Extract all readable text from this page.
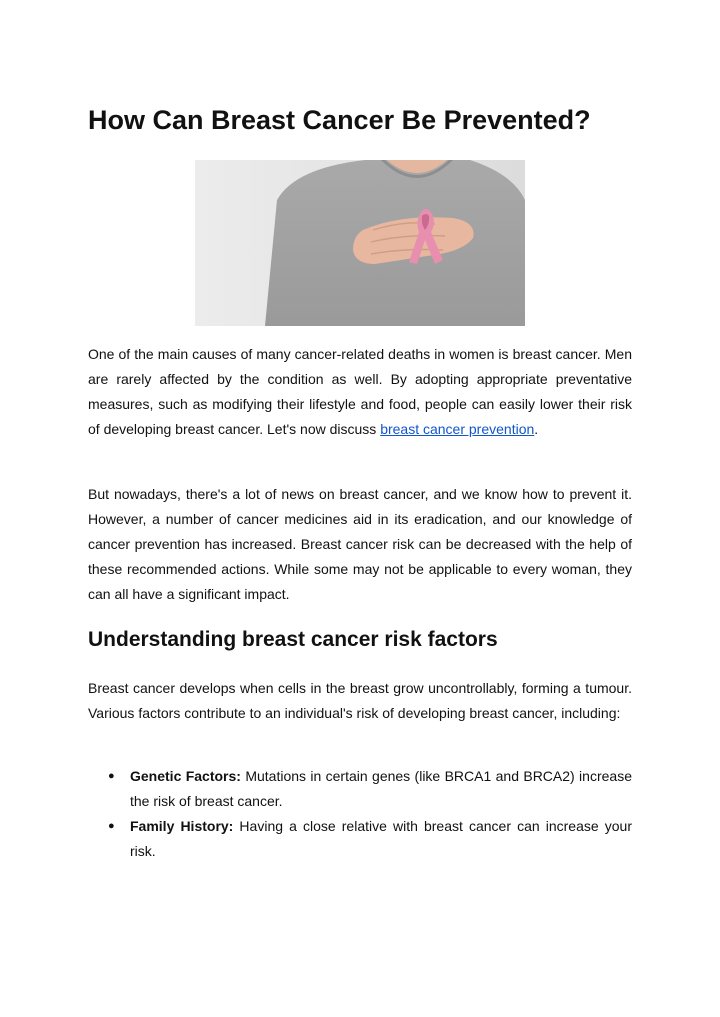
How Can Breast Cancer Be Prevented?

One of the main causes of many cancer-related deaths in women is breast cancer. Men are rarely affected by the condition as well. By adopting appropriate preventative measures, such as modifying their lifestyle and food, people can easily lower their risk of developing breast cancer. Let's now discuss breast cancer prevention.

But nowadays, there's a lot of news on breast cancer, and we know how to prevent it. However, a number of cancer medicines aid in its eradication, and our knowledge of cancer prevention has increased. Breast cancer risk can be decreased with the help of these recommended actions. While some may not be applicable to every woman, they can all have a significant impact.

Understanding breast cancer risk factors

Breast cancer develops when cells in the breast grow uncontrollably, forming a tumour. Various factors contribute to an individual's risk of developing breast cancer, including:

● Genetic Factors: Mutations in certain genes (like BRCA1 and BRCA2) increase the risk of breast cancer.
● Family History: Having a close relative with breast cancer can increase your risk.
